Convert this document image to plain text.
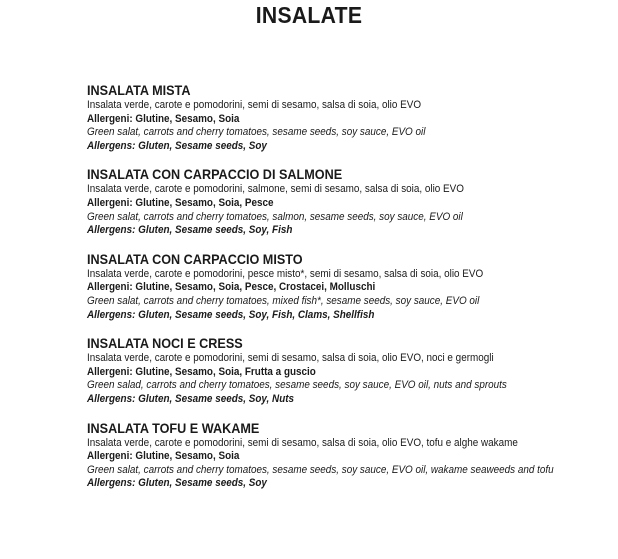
INSALATE
INSALATA MISTA
Insalata verde, carote e pomodorini, semi di sesamo, salsa di soia, olio EVO
Allergeni: Glutine, Sesamo, Soia
Green salat, carrots and cherry tomatoes, sesame seeds, soy sauce, EVO oil
Allergens: Gluten, Sesame seeds, Soy
INSALATA CON CARPACCIO DI SALMONE
Insalata verde, carote e pomodorini, salmone, semi di sesamo, salsa di soia, olio EVO
Allergeni: Glutine, Sesamo, Soia, Pesce
Green salat, carrots and cherry tomatoes, salmon, sesame seeds, soy sauce, EVO oil
Allergens: Gluten, Sesame seeds, Soy, Fish
INSALATA CON CARPACCIO MISTO
Insalata verde, carote e pomodorini, pesce misto*, semi di sesamo, salsa di soia, olio EVO
Allergeni: Glutine, Sesamo, Soia, Pesce, Crostacei, Molluschi
Green salat, carrots and cherry tomatoes, mixed fish*, sesame seeds, soy sauce, EVO oil
Allergens: Gluten, Sesame seeds, Soy, Fish, Clams, Shellfish
INSALATA NOCI E CRESS
Insalata verde, carote e pomodorini, semi di sesamo, salsa di soia, olio EVO, noci e germogli
Allergeni: Glutine, Sesamo, Soia, Frutta a guscio
Green salad, carrots and cherry tomatoes, sesame seeds, soy sauce, EVO oil, nuts and sprouts
Allergens: Gluten, Sesame seeds, Soy, Nuts
INSALATA TOFU E WAKAME
Insalata verde, carote e pomodorini, semi di sesamo, salsa di soia, olio EVO, tofu e alghe wakame
Allergeni: Glutine, Sesamo, Soia
Green salat, carrots and cherry tomatoes, sesame seeds, soy sauce, EVO oil, wakame seaweeds and tofu
Allergens: Gluten, Sesame seeds, Soy
